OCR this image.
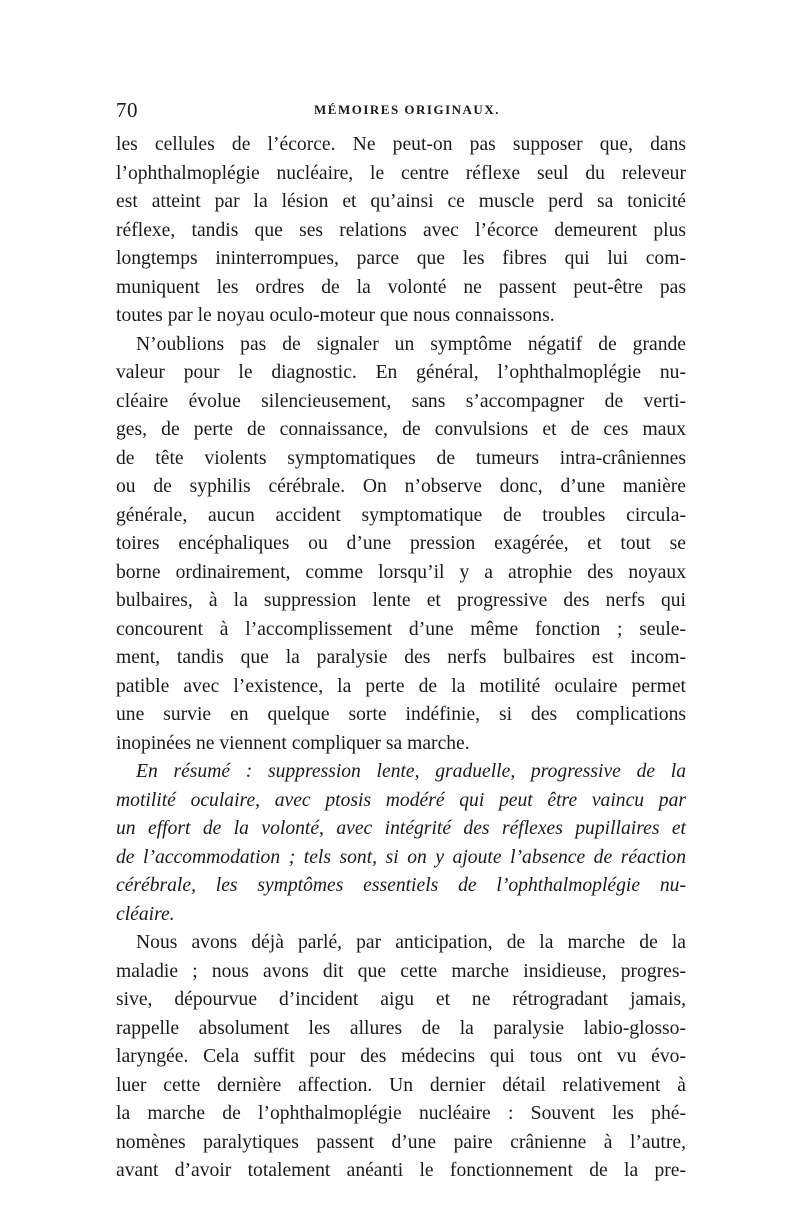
70	MÉMOIRES ORIGINAUX.
les cellules de l’écorce. Ne peut-on pas supposer que, dans
l’ophthalmoplégie nucléaire, le centre réflexe seul du releveur
est atteint par la lésion et qu’ainsi ce muscle perd sa tonicité
réflexe, tandis que ses relations avec l’écorce demeurent plus
longtemps ininterrompues, parce que les fibres qui lui com-
muniquent les ordres de la volonté ne passent peut-être pas
toutes par le noyau oculo-moteur que nous connaissons.
N’oublions pas de signaler un symptôme négatif de grande
valeur pour le diagnostic. En général, l’ophthalmoplégie nu-
cléaire évolue silencieusement, sans s’accompagner de verti-
ges, de perte de connaissance, de convulsions et de ces maux
de tête violents symptomatiques de tumeurs intra-crâniennes
ou de syphilis cérébrale. On n’observe donc, d’une manière
générale, aucun accident symptomatique de troubles circula-
toires encéphaliques ou d’une pression exagérée, et tout se
borne ordinairement, comme lorsqu’il y a atrophie des noyaux
bulbaires, à la suppression lente et progressive des nerfs qui
concourent à l’accomplissement d’une même fonction ; seule-
ment, tandis que la paralysie des nerfs bulbaires est incom-
patible avec l’existence, la perte de la motilité oculaire permet
une survie en quelque sorte indéfinie, si des complications
inopinées ne viennent compliquer sa marche.
En résumé : suppression lente, graduelle, progressive de la
motilité oculaire, avec ptosis modéré qui peut être vaincu par
un effort de la volonté, avec intégrité des réflexes pupillaires et
de l’accommodation ; tels sont, si on y ajoute l’absence de réaction
cérébrale, les symptômes essentiels de l’ophthalmoplégie nu-
cléaire.
Nous avons déjà parlé, par anticipation, de la marche de la
maladie ; nous avons dit que cette marche insidieuse, progres-
sive, dépourvue d’incident aigu et ne rétrogradant jamais,
rappelle absolument les allures de la paralysie labio-glosso-
laryngée. Cela suffit pour des médecins qui tous ont vu évo-
luer cette dernière affection. Un dernier détail relativement à
la marche de l’ophthalmoplégie nucléaire : Souvent les phé-
nomènes paralytiques passent d’une paire crânienne à l’autre,
avant d’avoir totalement anéanti le fonctionnement de la pre-
